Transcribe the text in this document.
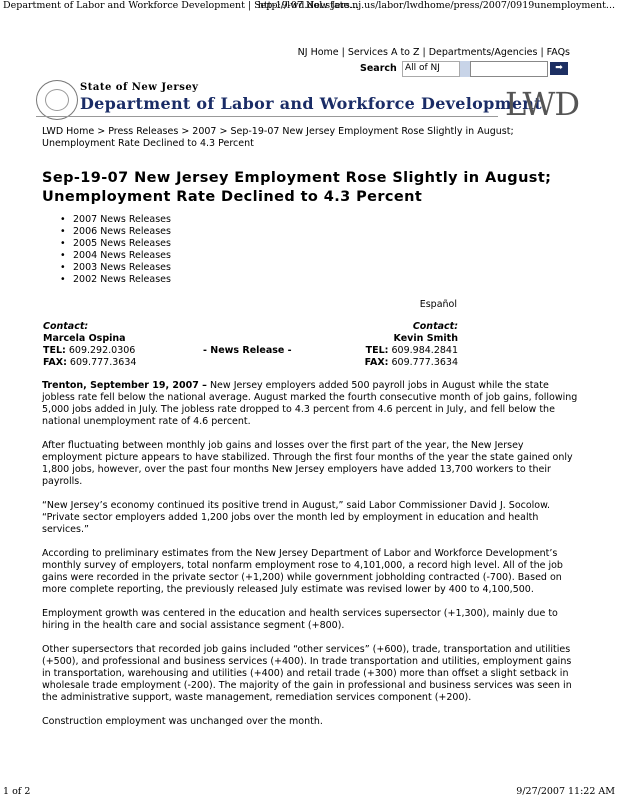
Department of Labor and Workforce Development | Sep-19-07 New Jers...
http://lwd.dol.state.nj.us/labor/lwdhome/press/2007/0919unemployment...
NJ Home | Services A to Z | Departments/Agencies | FAQs
Search All of NJ	➡
State of New Jersey
Department of Labor and Workforce Development
LWD
LWD Home > Press Releases > 2007 > Sep-19-07 New Jersey Employment Rose Slightly in August; Unemployment Rate Declined to 4.3 Percent
Sep-19-07 New Jersey Employment Rose Slightly in August; Unemployment Rate Declined to 4.3 Percent
• 2007 News Releases
• 2006 News Releases
• 2005 News Releases
• 2004 News Releases
• 2003 News Releases
• 2002 News Releases
Español
Contact:
Marcela Ospina
TEL: 609.292.0306
FAX: 609.777.3634
- News Release -
Contact:
Kevin Smith
TEL: 609.984.2841
FAX: 609.777.3634

Trenton, September 19, 2007 – New Jersey employers added 500 payroll jobs in August while the state jobless rate fell below the national average. August marked the fourth consecutive month of job gains, following 5,000 jobs added in July. The jobless rate dropped to 4.3 percent from 4.6 percent in July, and fell below the national unemployment rate of 4.6 percent.

After fluctuating between monthly job gains and losses over the first part of the year, the New Jersey employment picture appears to have stabilized. Through the first four months of the year the state gained only 1,800 jobs, however, over the past four months New Jersey employers have added 13,700 workers to their payrolls.

“New Jersey’s economy continued its positive trend in August,” said Labor Commissioner David J. Socolow. “Private sector employers added 1,200 jobs over the month led by employment in education and health services.”

According to preliminary estimates from the New Jersey Department of Labor and Workforce Development’s monthly survey of employers, total nonfarm employment rose to 4,101,000, a record high level. All of the job gains were recorded in the private sector (+1,200) while government jobholding contracted (-700). Based on more complete reporting, the previously released July estimate was revised lower by 400 to 4,100,500.

Employment growth was centered in the education and health services supersector (+1,300), mainly due to hiring in the health care and social assistance segment (+800).

Other supersectors that recorded job gains included “other services” (+600), trade, transportation and utilities (+500), and professional and business services (+400). In trade transportation and utilities, employment gains in transportation, warehousing and utilities (+400) and retail trade (+300) more than offset a slight setback in wholesale trade employment (-200). The majority of the gain in professional and business services was seen in the administrative support, waste management, remediation services component (+200).

Construction employment was unchanged over the month.

1 of 2	9/27/2007 11:22 AM
